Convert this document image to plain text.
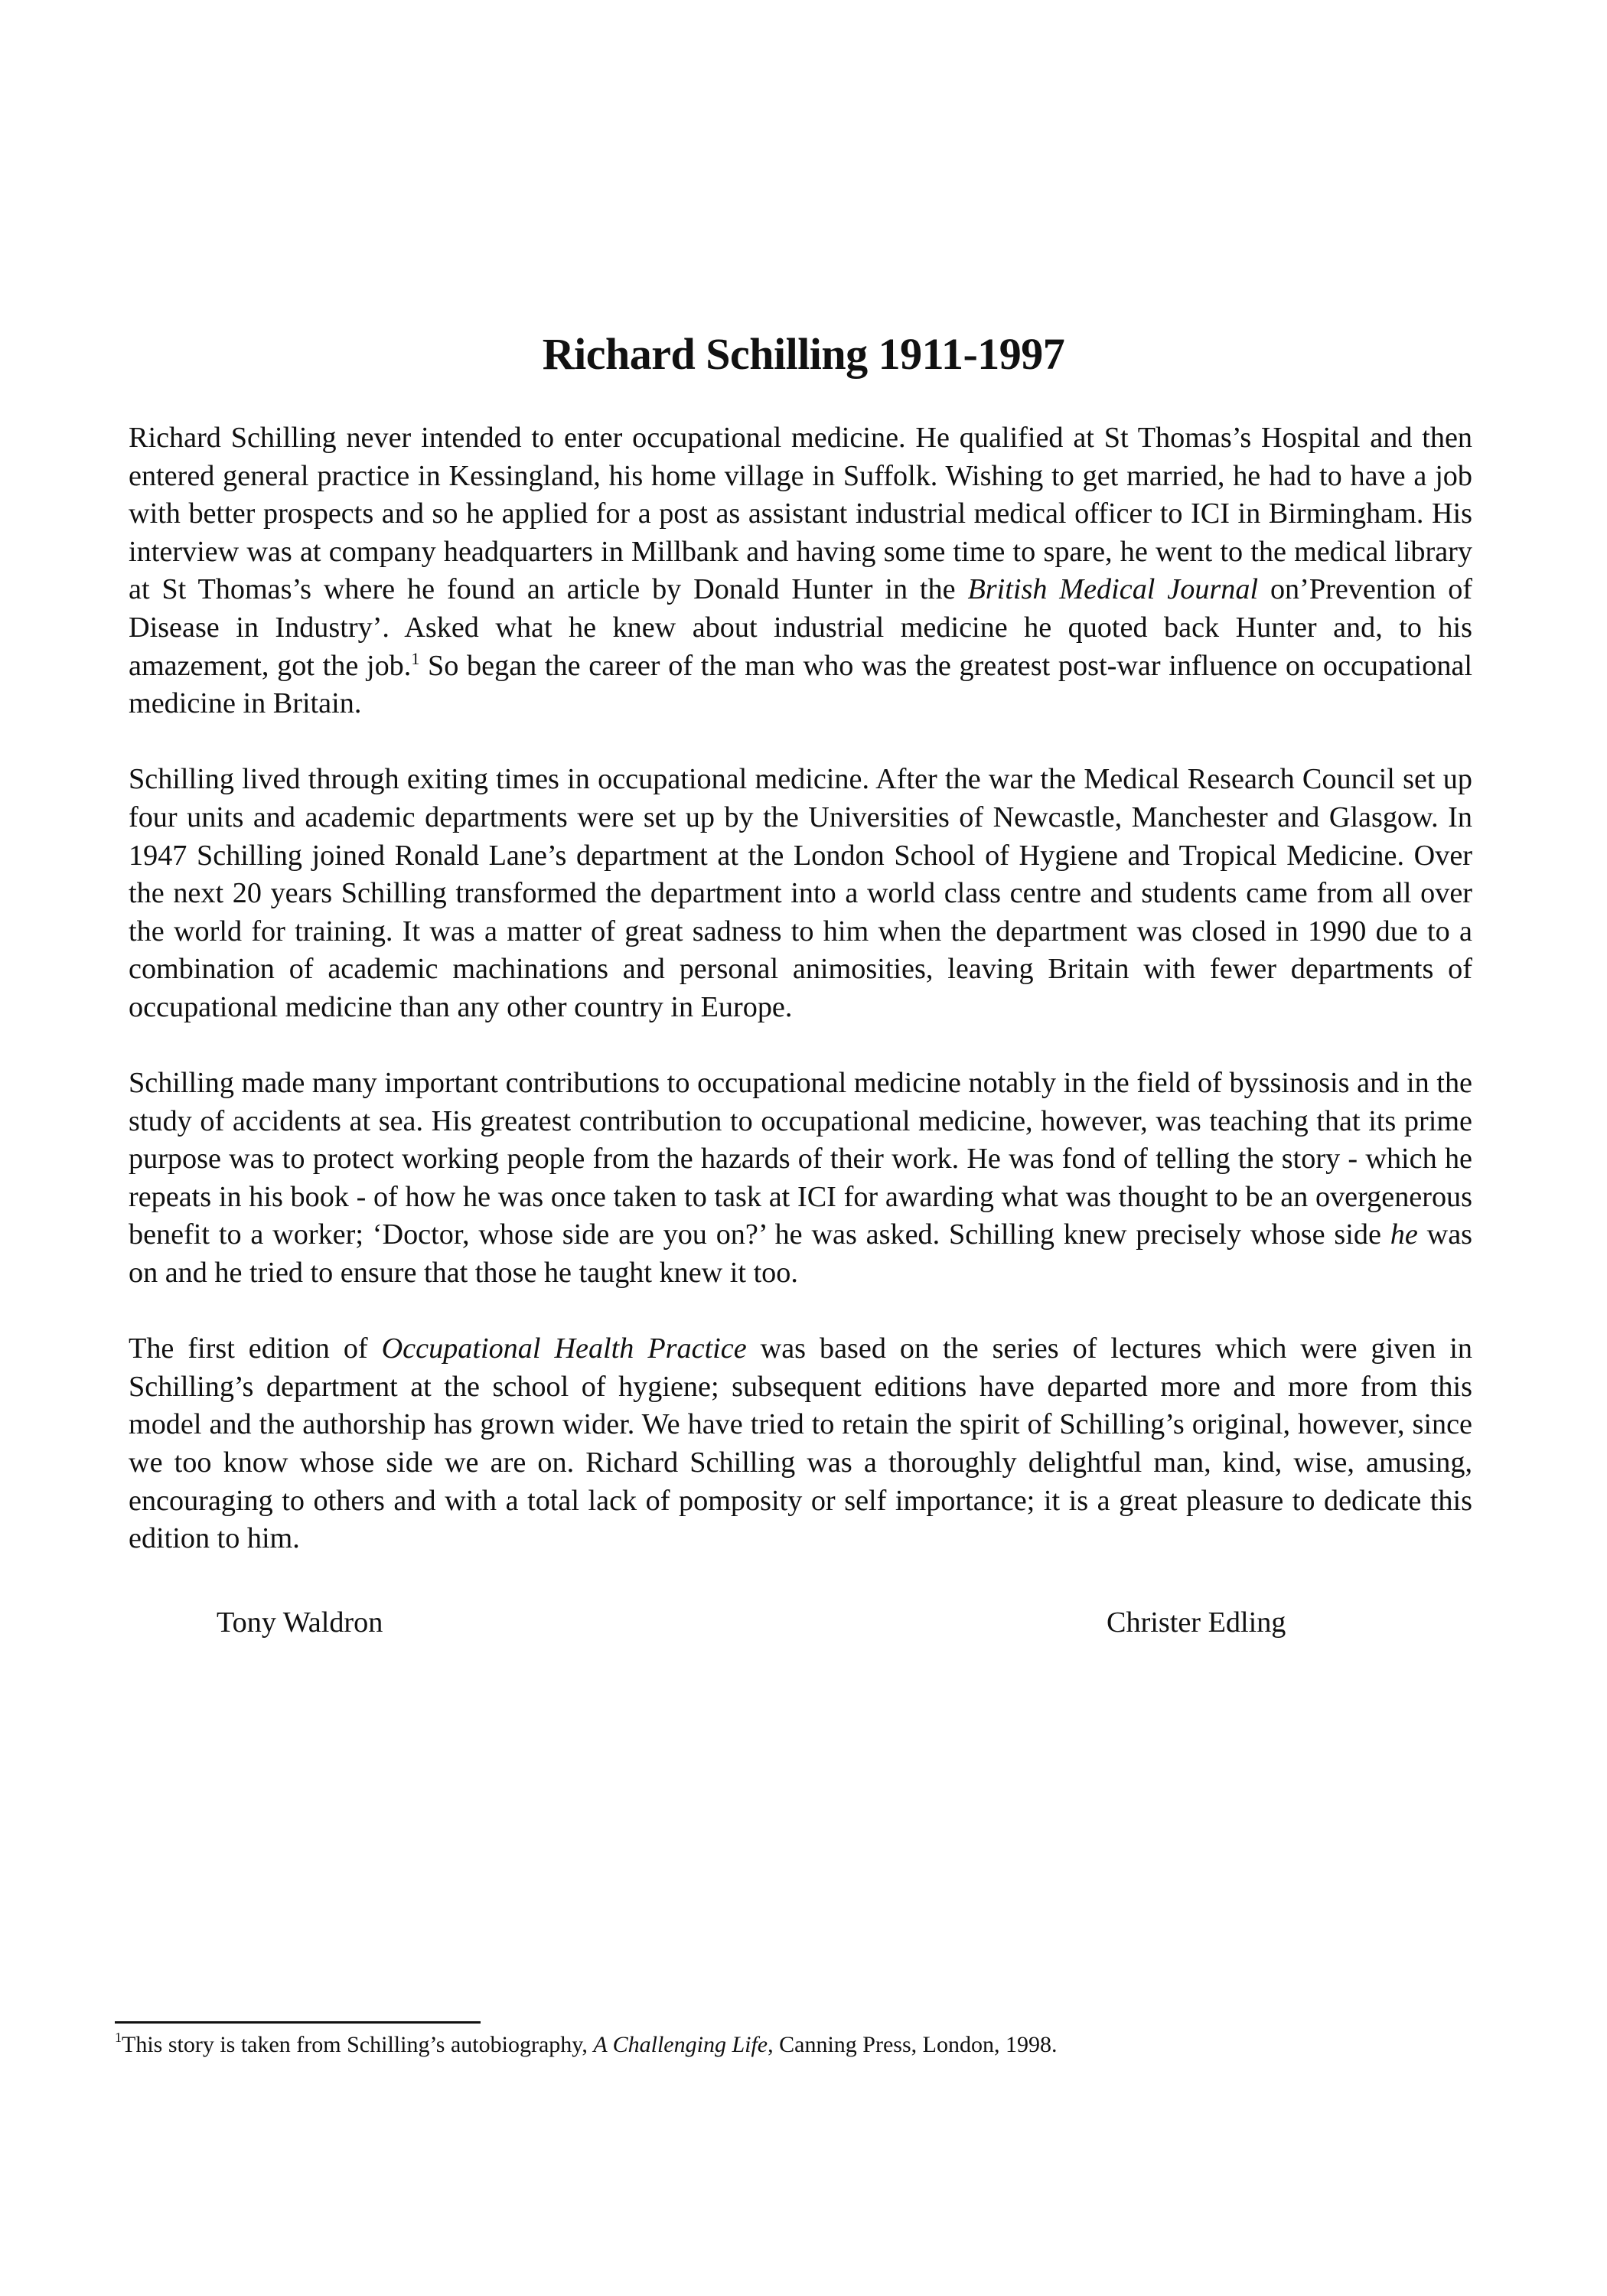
Richard Schilling 1911-1997

Richard Schilling never intended to enter occupational medicine. He qualified at St Thomas’s Hospital and then entered general practice in Kessingland, his home village in Suffolk. Wishing to get married, he had to have a job with better prospects and so he applied for a post as assistant industrial medical officer to ICI in Birmingham. His interview was at company headquarters in Millbank and having some time to spare, he went to the medical library at St Thomas’s where he found an article by Donald Hunter in the British Medical Journal on’Prevention of Disease in Industry’. Asked what he knew about industrial medicine he quoted back Hunter and, to his amazement, got the job.$^1$ So began the career of the man who was the greatest post-war influence on occupational medicine in Britain.

Schilling lived through exiting times in occupational medicine. After the war the Medical Research Council set up four units and academic departments were set up by the Universities of Newcastle, Manchester and Glasgow. In 1947 Schilling joined Ronald Lane’s department at the London School of Hygiene and Tropical Medicine. Over the next 20 years Schilling transformed the department into a world class centre and students came from all over the world for training. It was a matter of great sadness to him when the department was closed in 1990 due to a combination of academic machinations and personal animosities, leaving Britain with fewer departments of occupational medicine than any other country in Europe.

Schilling made many important contributions to occupational medicine notably in the field of byssinosis and in the study of accidents at sea. His greatest contribution to occupational medicine, however, was teaching that its prime purpose was to protect working people from the hazards of their work. He was fond of telling the story - which he repeats in his book - of how he was once taken to task at ICI for awarding what was thought to be an overgenerous benefit to a worker; ‘Doctor, whose side are you on?’ he was asked. Schilling knew precisely whose side he was on and he tried to ensure that those he taught knew it too.

The first edition of Occupational Health Practice was based on the series of lectures which were given in Schilling’s department at the school of hygiene; subsequent editions have departed more and more from this model and the authorship has grown wider. We have tried to retain the spirit of Schilling’s original, however, since we too know whose side we are on. Richard Schilling was a thoroughly delightful man, kind, wise, amusing, encouraging to others and with a total lack of pomposity or self importance; it is a great pleasure to dedicate this edition to him.

Tony Waldron	Christer Edling
$^1$This story is taken from Schilling’s autobiography, A Challenging Life, Canning Press, London, 1998.
